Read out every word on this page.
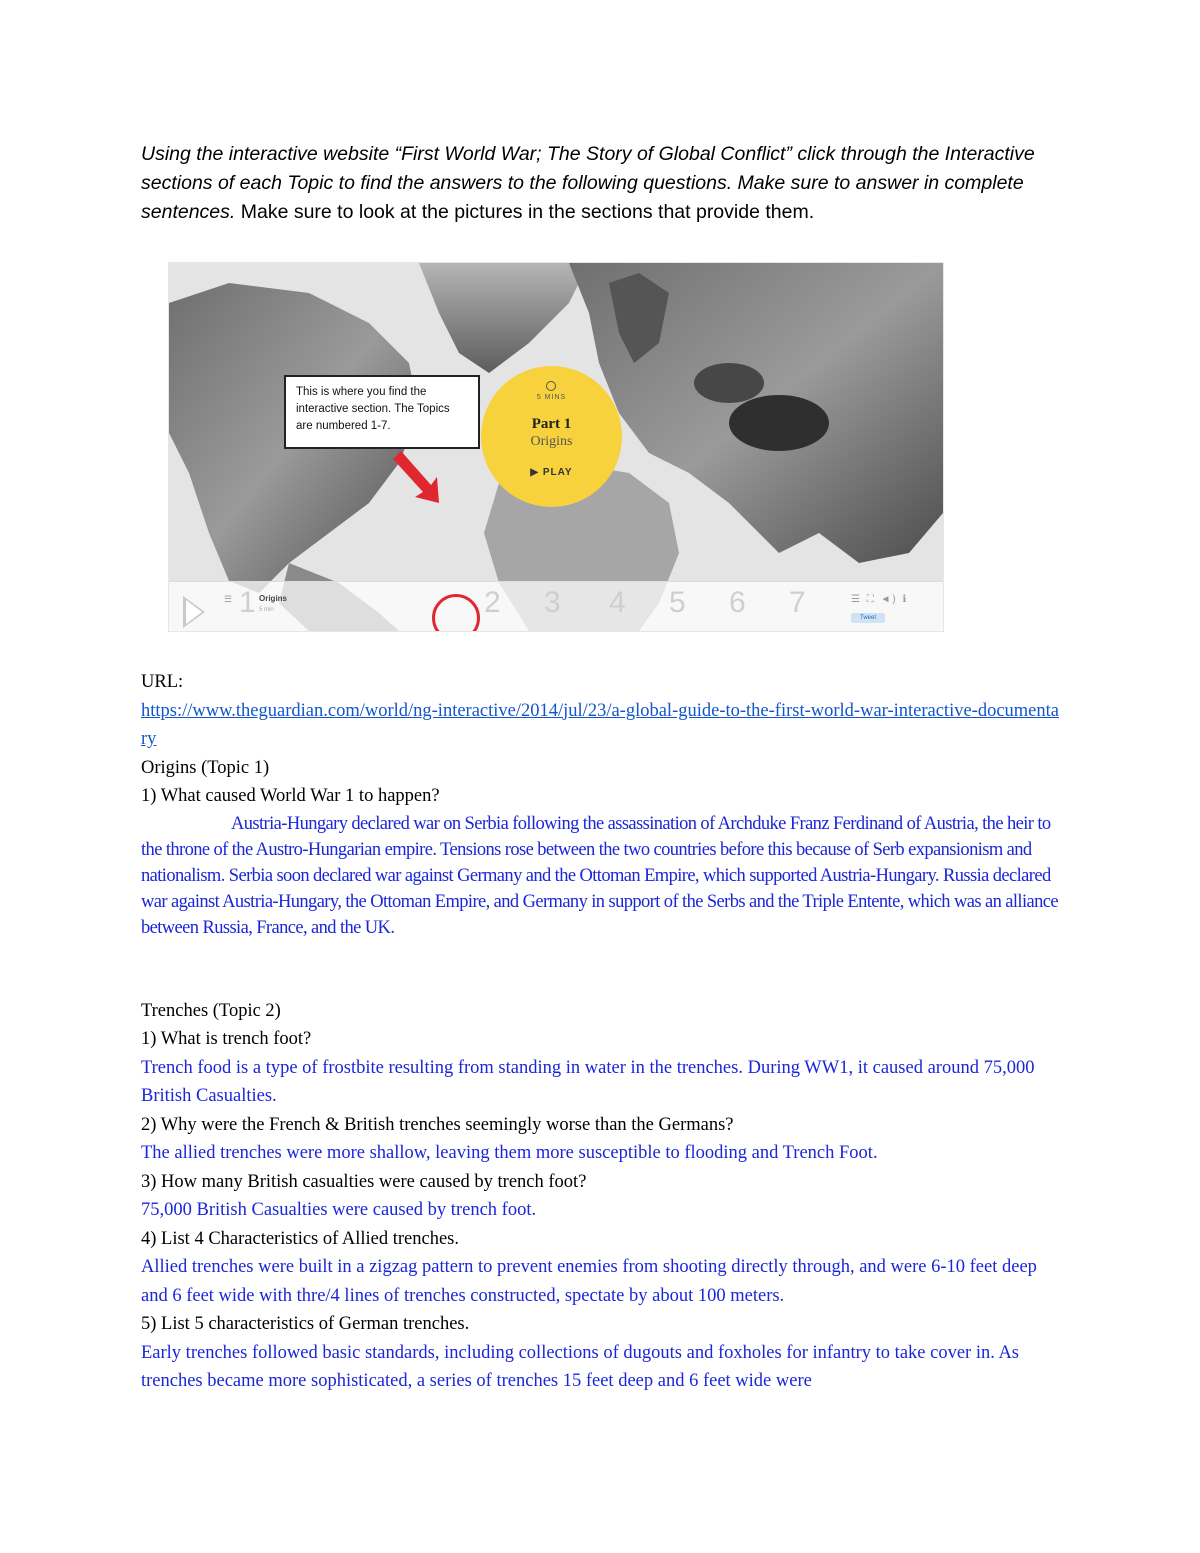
Using the interactive website “First World War; The Story of Global Conflict” click through the Interactive sections of each Topic to find the answers to the following questions. Make sure to answer in complete sentences. Make sure to look at the pictures in the sections that provide them.
This is where you find the interactive section. The Topics are numbered 1-7.
5 MINS
Part 1
Origins
▶ PLAY
☰ 1 Origins
5 min	2 3 4 5 6 7	☰ ⛶ ◄) ℹ
Tweet

URL:

https://www.theguardian.com/world/ng-interactive/2014/jul/23/a-global-guide-to-the-first-world-war-interactive-documentary

Origins (Topic 1)

1) What caused World War 1 to happen?

Austria-Hungary declared war on Serbia following the assassination of Archduke Franz Ferdinand of Austria, the heir to the throne of the Austro-Hungarian empire. Tensions rose between the two countries before this because of Serb expansionism and nationalism. Serbia soon declared war against Germany and the Ottoman Empire, which supported Austria-Hungary. Russia declared war against Austria-Hungary, the Ottoman Empire, and Germany in support of the Serbs and the Triple Entente, which was an alliance between Russia, France, and the UK.

Trenches (Topic 2)

1) What is trench foot?

Trench food is a type of frostbite resulting from standing in water in the trenches. During WW1, it caused around 75,000 British Casualties.

2) Why were the French & British trenches seemingly worse than the Germans?

The allied trenches were more shallow, leaving them more susceptible to flooding and Trench Foot.

3) How many British casualties were caused by trench foot?

75,000 British Casualties were caused by trench foot.

4) List 4 Characteristics of Allied trenches.

Allied trenches were built in a zigzag pattern to prevent enemies from shooting directly through, and were 6-10 feet deep and 6 feet wide with thre/4 lines of trenches constructed, spectate by about 100 meters.

5) List 5 characteristics of German trenches.

Early trenches followed basic standards, including collections of dugouts and foxholes for infantry to take cover in. As trenches became more sophisticated, a series of trenches 15 feet deep and 6 feet wide were
